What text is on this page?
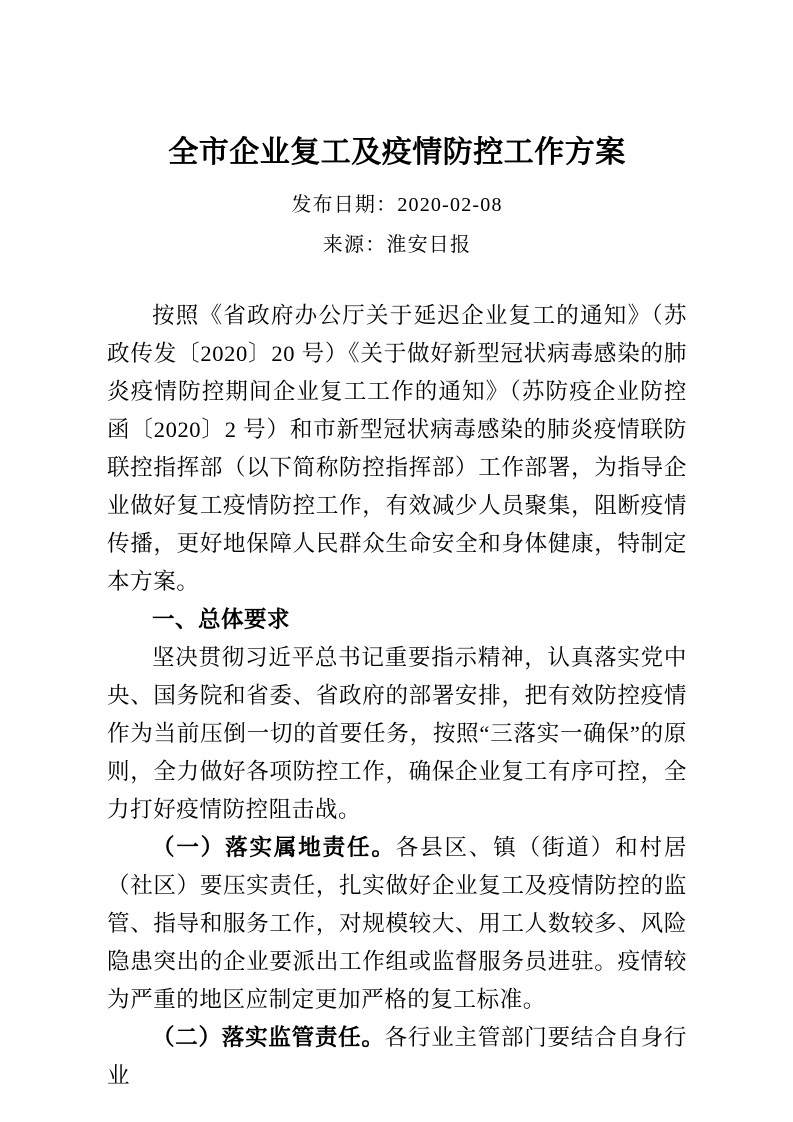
全市企业复工及疫情防控工作方案

发布日期：2020-02-08

来源：淮安日报

按照《省政府办公厅关于延迟企业复工的通知》（苏政传发〔2020〕20 号）《关于做好新型冠状病毒感染的肺炎疫情防控期间企业复工工作的通知》（苏防疫企业防控函〔2020〕2 号）和市新型冠状病毒感染的肺炎疫情联防联控指挥部（以下简称防控指挥部）工作部署，为指导企业做好复工疫情防控工作，有效减少人员聚集，阻断疫情传播，更好地保障人民群众生命安全和身体健康，特制定本方案。

一、总体要求

坚决贯彻习近平总书记重要指示精神，认真落实党中央、国务院和省委、省政府的部署安排，把有效防控疫情作为当前压倒一切的首要任务，按照“三落实一确保”的原则，全力做好各项防控工作，确保企业复工有序可控，全力打好疫情防控阻击战。

（一）落实属地责任。各县区、镇（街道）和村居（社区）要压实责任，扎实做好企业复工及疫情防控的监管、指导和服务工作，对规模较大、用工人数较多、风险隐患突出的企业要派出工作组或监督服务员进驻。疫情较为严重的地区应制定更加严格的复工标准。

（二）落实监管责任。各行业主管部门要结合自身行业
